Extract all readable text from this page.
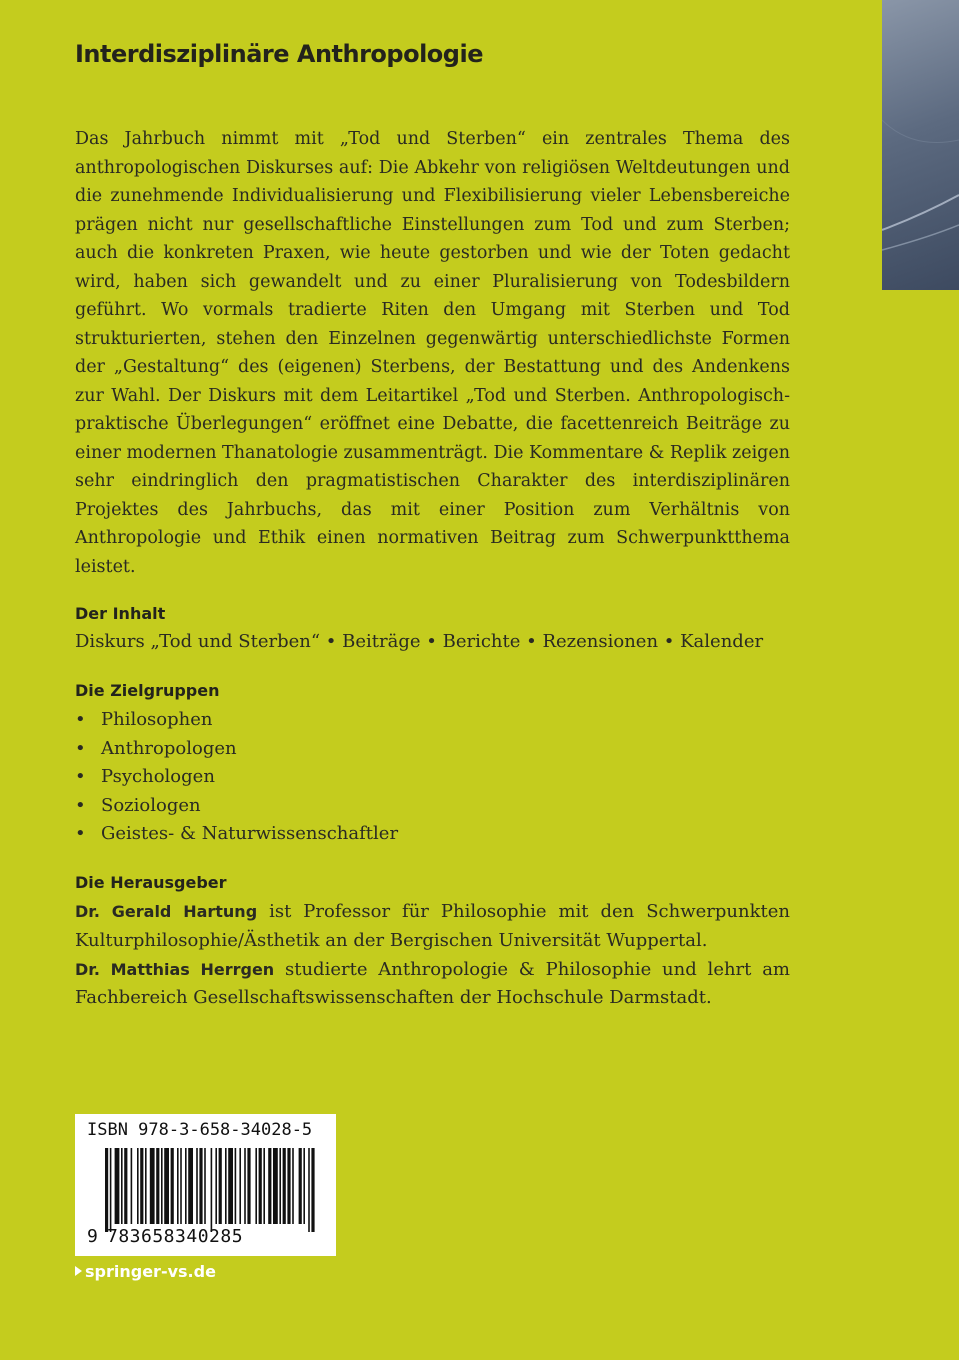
Interdisziplinäre Anthropologie

Das Jahrbuch nimmt mit „Tod und Sterben“ ein zentrales Thema des anthropologischen Diskurses auf: Die Abkehr von religiösen Weltdeutungen und die zunehmende Individualisierung und Flexibilisierung vieler Lebensbereiche prägen nicht nur gesellschaftliche Einstellungen zum Tod und zum Sterben; auch die konkreten Praxen, wie heute gestorben und wie der Toten gedacht wird, haben sich gewandelt und zu einer Pluralisierung von Todesbildern geführt. Wo vormals tradierte Riten den Umgang mit Sterben und Tod strukturierten, stehen den Einzelnen gegenwärtig unterschiedlichste Formen der „Gestaltung“ des (eigenen) Sterbens, der Bestattung und des Andenkens zur Wahl. Der Diskurs mit dem Leitartikel „Tod und Sterben. Anthropologisch-praktische Überlegungen“ eröffnet eine Debatte, die facettenreich Beiträge zu einer modernen Thanatologie zusammenträgt. Die Kommentare & Replik zeigen sehr eindringlich den pragmatistischen Charakter des interdisziplinären Projektes des Jahrbuchs, das mit einer Position zum Verhältnis von Anthropologie und Ethik einen normativen Beitrag zum Schwerpunktthema leistet.

Der Inhalt
Diskurs „Tod und Sterben“ • Beiträge • Berichte • Rezensionen • Kalender
Die Zielgruppen
• Philosophen
• Anthropologen
• Psychologen
• Soziologen
• Geistes- & Naturwissenschaftler
Die Herausgeber

Dr. Gerald Hartung ist Professor für Philosophie mit den Schwerpunkten Kulturphilosophie/Ästhetik an der Bergischen Universität Wuppertal.

Dr. Matthias Herrgen studierte Anthropologie & Philosophie und lehrt am Fachbereich Gesellschaftswissenschaften der Hochschule Darmstadt.

ISBN 978-3-658-34028-5
9 783658340285
springer-vs.de
